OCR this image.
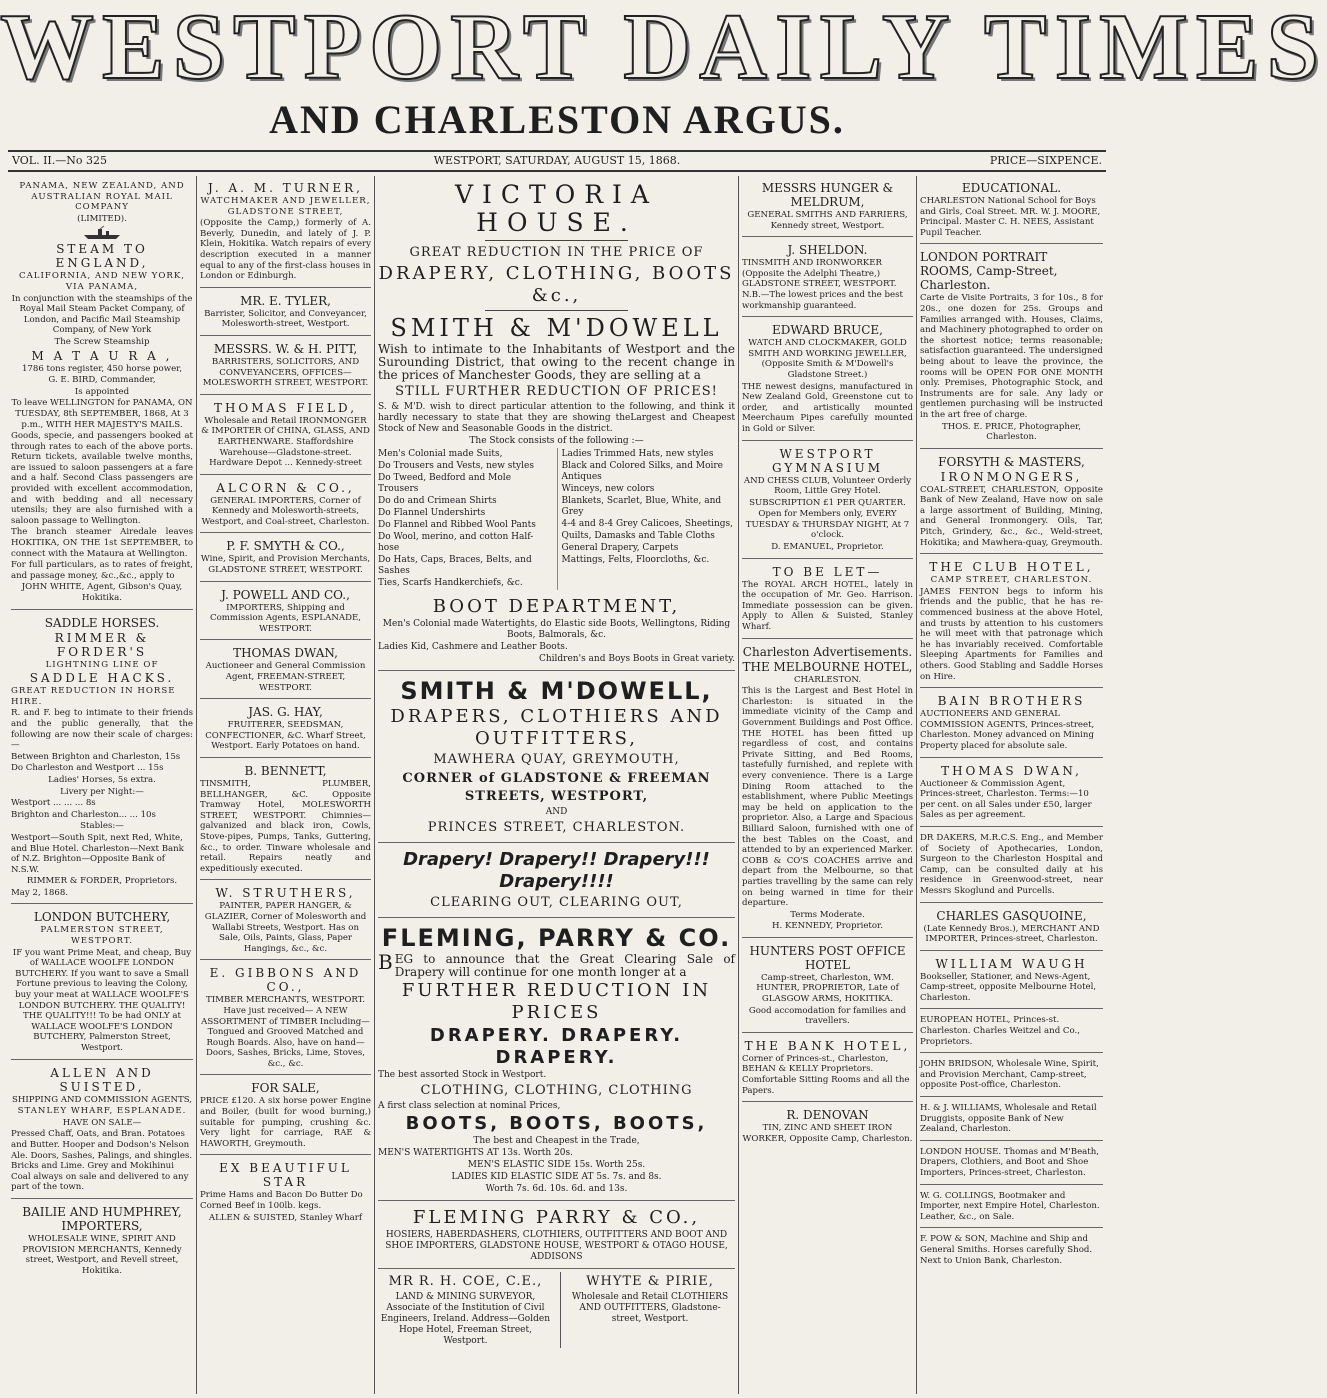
WESTPORT DAILY TIMES
AND CHARLESTON ARGUS.
VOL. II.—No 325	WESTPORT, SATURDAY, AUGUST 15, 1868.	PRICE—SIXPENCE.

PANAMA, NEW ZEALAND, AND AUSTRALIAN ROYAL MAIL COMPANY

(LIMITED).

STEAM TO ENGLAND,

CALIFORNIA, AND NEW YORK, VIA PANAMA,

In conjunction with the steamships of the Royal Mail Steam Packet Company, of London, and Pacific Mail Steamship Company, of New York

The Screw Steamship

M A T A U R A ,

1786 tons register, 450 horse power,

G. E. BIRD, Commander,

Is appointed

To leave WELLINGTON for PANAMA, ON TUESDAY, 8th SEPTEMBER, 1868, At 3 p.m., WITH HER MAJESTY'S MAILS.

Goods, specie, and passengers booked at through rates to each of the above ports. Return tickets, available twelve months, are issued to saloon passengers at a fare and a half. Second Class passengers are provided with excellent accommodation, and with bedding and all necessary utensils; they are also furnished with a saloon passage to Wellington.

The branch steamer Airedale leaves HOKITIKA, ON THE 1st SEPTEMBER, to connect with the Mataura at Wellington.

For full particulars, as to rates of freight, and passage money, &c.,&c., apply to

JOHN WHITE, Agent, Gibson's Quay, Hokitika.

SADDLE HORSES.

RIMMER & FORDER'S

LIGHTNING LINE OF

SADDLE HACKS.

GREAT REDUCTION IN HORSE HIRE.

R. and F. beg to intimate to their friends and the public generally, that the following are now their scale of charges:—

Between Brighton and Charleston, 15s

Do Charleston and Westport ... 15s

Ladies' Horses, 5s extra.

Livery per Night:—

Westport ... ... ... 8s

Brighton and Charleston... ... 10s

Stables:—

Westport—South Spit, next Red, White, and Blue Hotel. Charleston—Next Bank of N.Z. Brighton—Opposite Bank of N.S.W.

RIMMER & FORDER, Proprietors.

May 2, 1868.

LONDON BUTCHERY,

PALMERSTON STREET, WESTPORT.

IF you want Prime Meat, and cheap, Buy of WALLACE WOOLFE LONDON BUTCHERY. If you want to save a Small Fortune previous to leaving the Colony, buy your meat at WALLACE WOOLFE'S LONDON BUTCHERY. THE QUALITY! THE QUALITY!!! To be had ONLY at WALLACE WOOLFE'S LONDON BUTCHERY, Palmerston Street, Westport.

ALLEN AND SUISTED,

SHIPPING AND COMMISSION AGENTS,

STANLEY WHARF, ESPLANADE.

HAVE ON SALE—

Pressed Chaff, Oats, and Bran. Potatoes and Butter. Hooper and Dodson's Nelson Ale. Doors, Sashes, Palings, and shingles. Bricks and Lime. Grey and Mokihinui Coal always on sale and delivered to any part of the town.

BAILIE AND HUMPHREY, IMPORTERS,

WHOLESALE WINE, SPIRIT AND PROVISION MERCHANTS, Kennedy street, Westport, and Revell street, Hokitika.

J. A. M. TURNER,

WATCHMAKER AND JEWELLER, GLADSTONE STREET,

(Opposite the Camp,) formerly of A. Beverly, Dunedin, and lately of J. P. Klein, Hokitika. Watch repairs of every description executed in a manner equal to any of the first-class houses in London or Edinburgh.

MR. E. TYLER,

Barrister, Solicitor, and Conveyancer, Molesworth-street, Westport.

MESSRS. W. & H. PITT,

BARRISTERS, SOLICITORS, AND CONVEYANCERS, OFFICES—MOLESWORTH STREET, WESTPORT.

THOMAS FIELD,

Wholesale and Retail IRONMONGER & IMPORTER Of CHINA, GLASS, AND EARTHENWARE. Staffordshire Warehouse—Gladstone-street. Hardware Depot ... Kennedy-street

ALCORN & CO.,

GENERAL IMPORTERS, Corner of Kennedy and Molesworth-streets, Westport, and Coal-street, Charleston.

P. F. SMYTH & CO.,

Wine, Spirit, and Provision Merchants, GLADSTONE STREET, WESTPORT.

J. POWELL AND CO.,

IMPORTERS, Shipping and Commission Agents, ESPLANADE, WESTPORT.

THOMAS DWAN,

Auctioneer and General Commission Agent, FREEMAN-STREET, WESTPORT.

JAS. G. HAY,

FRUITERER, SEEDSMAN, CONFECTIONER, &C. Wharf Street, Westport. Early Potatoes on hand.

B. BENNETT,

TINSMITH, PLUMBER, BELLHANGER, &C. Opposite Tramway Hotel, MOLESWORTH STREET, WESTPORT. Chimnies—galvanized and black iron, Cowls, Stove-pipes, Pumps, Tanks, Guttering, &c., to order. Tinware wholesale and retail. Repairs neatly and expeditiously executed.

W. STRUTHERS,

PAINTER, PAPER HANGER, & GLAZIER, Corner of Molesworth and Wallabi Streets, Westport. Has on Sale, Oils, Paints, Glass, Paper Hangings, &c., &c.

E. GIBBONS AND CO.,

TIMBER MERCHANTS, WESTPORT. Have just received— A NEW ASSORTMENT of TIMBER Including— Tongued and Grooved Matched and Rough Boards. Also, have on hand— Doors, Sashes, Bricks, Lime, Stoves, &c., &c.

FOR SALE,

PRICE £120. A six horse power Engine and Boiler, (built for wood burning,) suitable for pumping, crushing &c. Very light for carriage, RAE & HAWORTH, Greymouth.

EX BEAUTIFUL STAR

Prime Hams and Bacon Do Butter Do Corned Beef in 100lb. kegs.

ALLEN & SUISTED, Stanley Wharf

VICTORIA HOUSE.

GREAT REDUCTION IN THE PRICE OF

DRAPERY, CLOTHING, BOOTS &c.,

SMITH & M'DOWELL

Wish to intimate to the Inhabitants of Westport and the Surounding District, that owing to the recent change in the prices of Manchester Goods, they are selling at a

STILL FURTHER REDUCTION OF PRICES!

S. & M'D. wish to direct particular attention to the following, and think it hardly necessary to state that they are showing theLargest and Cheapest Stock of New and Seasonable Goods in the district.

The Stock consists of the following :—

Men's Colonial made Suits,

Do Trousers and Vests, new styles

Do Tweed, Bedford and Mole Trousers

Do do and Crimean Shirts

Do Flannel Undershirts

Do Flannel and Ribbed Wool Pants

Do Wool, merino, and cotton Half-hose

Do Hats, Caps, Braces, Belts, and Sashes

Ties, Scarfs Handkerchiefs, &c.

Ladies Trimmed Hats, new styles

Black and Colored Silks, and Moire Antiques

Winceys, new colors

Blankets, Scarlet, Blue, White, and Grey

4-4 and 8-4 Grey Calicoes, Sheetings,

Quilts, Damasks and Table Cloths

General Drapery, Carpets

Mattings, Felts, Floorcloths, &c.

BOOT DEPARTMENT,

Men's Colonial made Watertights, do Elastic side Boots, Wellingtons, Riding Boots, Balmorals, &c.

Ladies Kid, Cashmere and Leather Boots.

Children's and Boys Boots in Great variety.

SMITH & M'DOWELL,

DRAPERS, CLOTHIERS AND OUTFITTERS,

MAWHERA QUAY, GREYMOUTH,

CORNER of GLADSTONE & FREEMAN STREETS, WESTPORT,

AND

PRINCES STREET, CHARLESTON.

Drapery! Drapery!! Drapery!!! Drapery!!!!

CLEARING OUT, CLEARING OUT,

FLEMING, PARRY & CO.

BEG to announce that the Great Clearing Sale of Drapery will continue for one month longer at a

FURTHER REDUCTION IN PRICES

DRAPERY. DRAPERY. DRAPERY.

The best assorted Stock in Westport.

CLOTHING, CLOTHING, CLOTHING

A first class selection at nominal Prices,

BOOTS, BOOTS, BOOTS,

The best and Cheapest in the Trade,

MEN'S WATERTIGHTS AT 13s. Worth 20s.

MEN'S ELASTIC SIDE 15s. Worth 25s.

LADIES KID ELASTIC SIDE AT 5s. 7s. and 8s.

Worth 7s. 6d. 10s. 6d. and 13s.

FLEMING PARRY & CO.,

HOSIERS, HABERDASHERS, CLOTHIERS, OUTFITTERS AND BOOT AND SHOE IMPORTERS, GLADSTONE HOUSE, WESTPORT & OTAGO HOUSE, ADDISONS

MR R. H. COE, C.E.,

LAND & MINING SURVEYOR, Associate of the Institution of Civil Engineers, Ireland. Address—Golden Hope Hotel, Freeman Street, Westport.

WHYTE & PIRIE,

Wholesale and Retail CLOTHIERS AND OUTFITTERS, Gladstone-street, Westport.

MESSRS HUNGER & MELDRUM,

GENERAL SMITHS AND FARRIERS, Kennedy street, Westport.

J. SHELDON.

TINSMITH AND IRONWORKER (Opposite the Adelphi Theatre,) GLADSTONE STREET, WESTPORT. N.B.—The lowest prices and the best workmanship guaranteed.

EDWARD BRUCE,

WATCH AND CLOCKMAKER, GOLD SMITH AND WORKING JEWELLER, (Opposite Smith & M'Dowell's Gladstone Street.)

THE newest designs, manufactured in New Zealand Gold, Greenstone cut to order, and artistically mounted Meerchaum Pipes carefully mounted in Gold or Silver.

WESTPORT GYMNASIUM

AND CHESS CLUB, Volunteer Orderly Room, Little Grey Hotel.

SUBSCRIPTION £1 PER QUARTER.

Open for Members only, EVERY TUESDAY & THURSDAY NIGHT, At 7 o'clock.

D. EMANUEL, Proprietor.

TO BE LET—

The ROYAL ARCH HOTEL, lately in the occupation of Mr. Geo. Harrison. Immediate possession can be given. Apply to Allen & Suisted, Stanley Wharf.

Charleston Advertisements.

THE MELBOURNE HOTEL,

CHARLESTON.

This is the Largest and Best Hotel in Charleston: is situated in the immediate vicinity of the Camp and Government Buildings and Post Office. THE HOTEL has been fitted up regardless of cost, and contains Private Sitting, and Bed Rooms, tastefully furnished, and replete with every convenience. There is a Large Dining Room attached to the establishment, where Public Meetings may be held on application to the proprietor. Also, a Large and Spacious Billiard Saloon, furnished with one of the best Tables on the Coast, and attended to by an experienced Marker. COBB & CO'S COACHES arrive and depart from the Melbourne, so that parties travelling by the same can rely on being warned in time for their departure.

Terms Moderate.

H. KENNEDY, Proprietor.

HUNTERS POST OFFICE HOTEL

Camp-street, Charleston, WM. HUNTER, PROPRIETOR, Late of GLASGOW ARMS, HOKITIKA.

Good accomodation for families and travellers.

THE BANK HOTEL,

Corner of Princes-st., Charleston, BEHAN & KELLY Proprietors. Comfortable Sitting Rooms and all the Papers.

R. DENOVAN

TIN, ZINC AND SHEET IRON WORKER, Opposite Camp, Charleston.

EDUCATIONAL.

CHARLESTON National School for Boys and Girls, Coal Street. MR. W. J. MOORE, Principal. Master C. H. NEES, Assistant Pupil Teacher.

LONDON PORTRAIT ROOMS, Camp-Street, Charleston.

Carte de Visite Portraits, 3 for 10s., 8 for 20s., one dozen for 25s. Groups and Families arranged with. Houses, Claims, and Machinery photographed to order on the shortest notice; terms reasonable; satisfaction guaranteed. The undersigned being about to leave the province, the rooms will be OPEN FOR ONE MONTH only. Premises, Photographic Stock, and Instruments are for sale. Any lady or gentlemen purchasing will be instructed in the art free of charge.

THOS. E. PRICE, Photographer, Charleston.

FORSYTH & MASTERS,

IRONMONGERS,

COAL-STREET, CHARLESTON, Opposite Bank of New Zealand, Have now on sale a large assortment of Building, Mining, and General Ironmongery. Oils, Tar, Pitch, Grindery, &c., &c., Weld-street, Hokitika; and Mawhera-quay, Greymouth.

THE CLUB HOTEL,

CAMP STREET, CHARLESTON.

JAMES FENTON begs to inform his friends and the public, that he has re-commenced business at the above Hotel, and trusts by attention to his customers he will meet with that patronage which he has invariably received. Comfortable Sleeping Apartments for Families and others. Good Stabling and Saddle Horses on Hire.

BAIN BROTHERS

AUCTIONEERS AND GENERAL COMMISSION AGENTS, Princes-street, Charleston. Money advanced on Mining Property placed for absolute sale.

THOMAS DWAN,

Auctioneer & Commission Agent, Princes-street, Charleston. Terms:—10 per cent. on all Sales under £50, larger Sales as per agreement.

DR DAKERS, M.R.C.S. Eng., and Member of Society of Apothecaries, London, Surgeon to the Charleston Hospital and Camp, can be consulted daily at his residence in Greenwood-street, near Messrs Skoglund and Purcells.

CHARLES GASQUOINE,

(Late Kennedy Bros.), MERCHANT AND IMPORTER, Princes-street, Charleston.

WILLIAM WAUGH

Bookseller, Stationer, and News-Agent, Camp-street, opposite Melbourne Hotel, Charleston.

EUROPEAN HOTEL, Princes-st. Charleston. Charles Weitzel and Co., Proprietors.

JOHN BRIDSON, Wholesale Wine, Spirit, and Provision Merchant, Camp-street, opposite Post-office, Charleston.

H. & J. WILLIAMS, Wholesale and Retail Druggists, opposite Bank of New Zealand, Charleston.

LONDON HOUSE. Thomas and M'Beath, Drapers, Clothiers, and Boot and Shoe Importers, Princes-street, Charleston.

W. G. COLLINGS, Bootmaker and Importer, next Empire Hotel, Charleston. Leather, &c., on Sale.

F. POW & SON, Machine and Ship and General Smiths. Horses carefully Shod. Next to Union Bank, Charleston.
